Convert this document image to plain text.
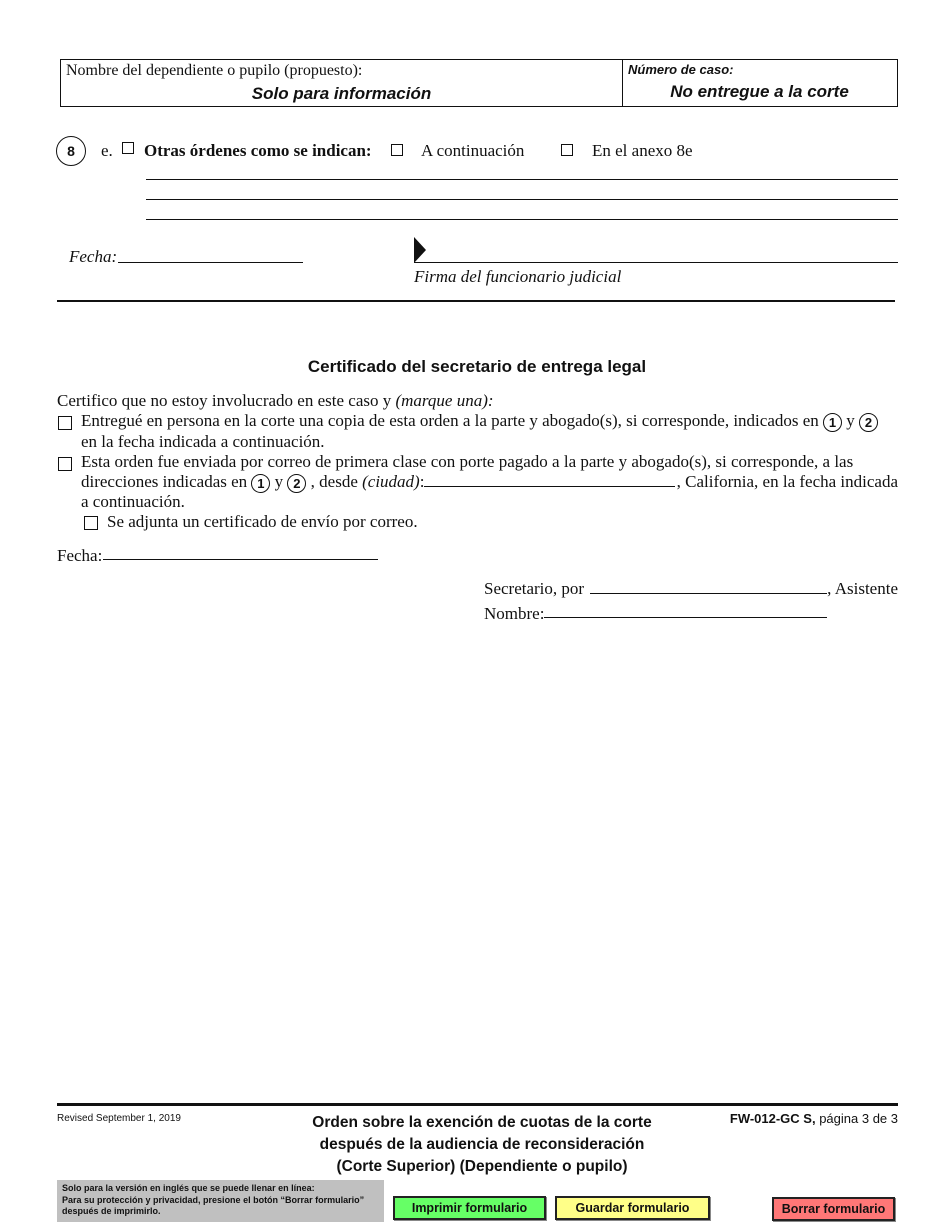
Nombre del dependiente o pupilo (propuesto):
Solo para información
Número de caso:
No entregue a la corte
8	e. Otras órdenes como se indican:	A continuación	En el anexo 8e
Fecha:
Firma del funcionario judicial
Certificado del secretario de entrega legal
Certifico que no estoy involucrado en este caso y (marque una):
Entregué en persona en la corte una copia de esta orden a la parte y abogado(s), si corresponde, indicados en 1 y 2
en la fecha indicada a continuación.
Esta orden fue enviada por correo de primera clase con porte pagado a la parte y abogado(s), si corresponde, a las
direcciones indicadas en 1 y 2 , desde (ciudad):	, California, en la fecha indicada
a continuación.
Se adjunta un certificado de envío por correo.
Fecha:
Secretario, por	, Asistente
Nombre:
Revised September 1, 2019	Orden sobre la exención de cuotas de la corte
después de la audiencia de reconsideración
(Corte Superior) (Dependiente o pupilo)
FW-012-GC S, página 3 de 3
Solo para la versión en inglés que se puede llenar en línea:
Para su protección y privacidad, presione el botón “Borrar formulario”
después de imprimirlo.	Imprimir formulario	Guardar formulario	Borrar formulario
